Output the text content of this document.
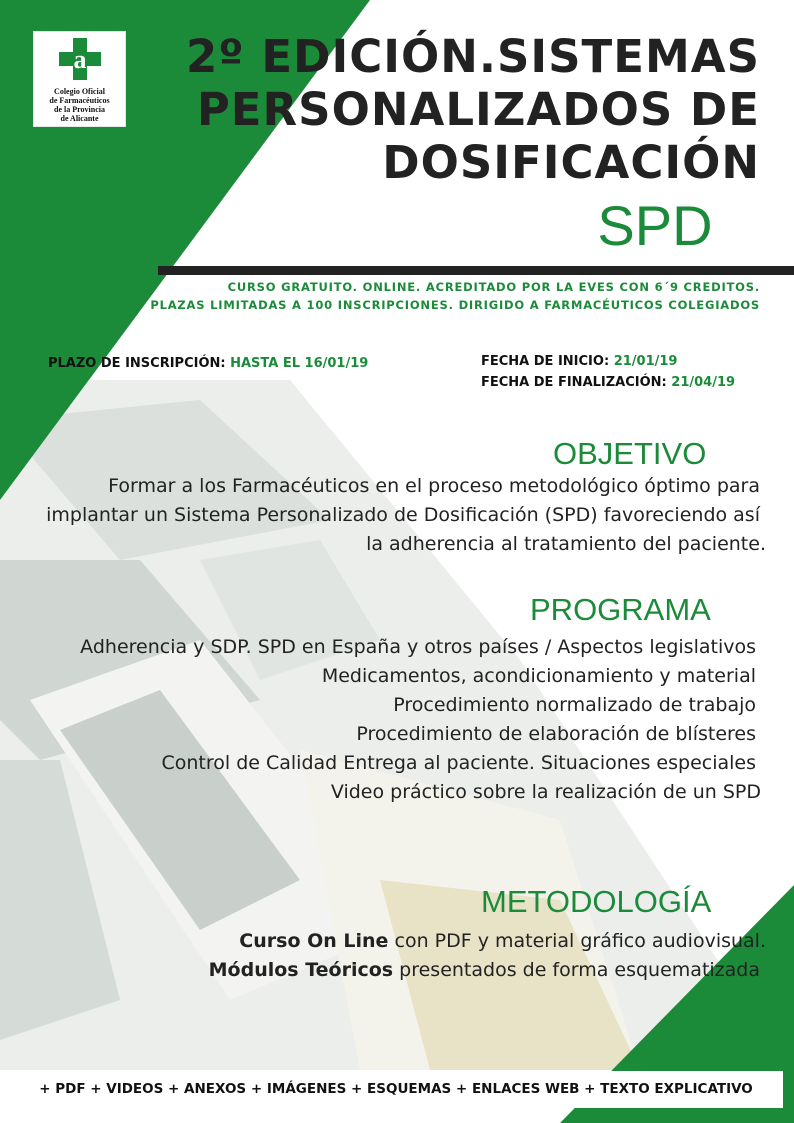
a
Colegio Oficial
de Farmacéuticos
de la Provincia
de Alicante
2º EDICIÓN.SISTEMAS
PERSONALIZADOS DE
DOSIFICACIÓN
SPD
CURSO GRATUITO. ONLINE. ACREDITADO POR LA EVES CON 6´9 CREDITOS.
PLAZAS LIMITADAS A 100 INSCRIPCIONES. DIRIGIDO A FARMACÉUTICOS COLEGIADOS
PLAZO DE INSCRIPCIÓN: HASTA EL 16/01/19	FECHA DE INICIO: 21/01/19
FECHA DE FINALIZACIÓN: 21/04/19
OBJETIVO
Formar a los Farmacéuticos en el proceso metodológico óptimo para
implantar un Sistema Personalizado de Dosificación (SPD) favoreciendo así
la adherencia al tratamiento del paciente.
PROGRAMA
Adherencia y SDP. SPD en España y otros países / Aspectos legislativos
Medicamentos, acondicionamiento y material
Procedimiento normalizado de trabajo
Procedimiento de elaboración de blísteres
Control de Calidad Entrega al paciente. Situaciones especiales
Video práctico sobre la realización de un SPD
METODOLOGÍA
Curso On Line con PDF y material gráfico audiovisual.
Módulos Teóricos presentados de forma esquematizada
+ PDF + VIDEOS + ANEXOS + IMÁGENES + ESQUEMAS + ENLACES WEB + TEXTO EXPLICATIVO
